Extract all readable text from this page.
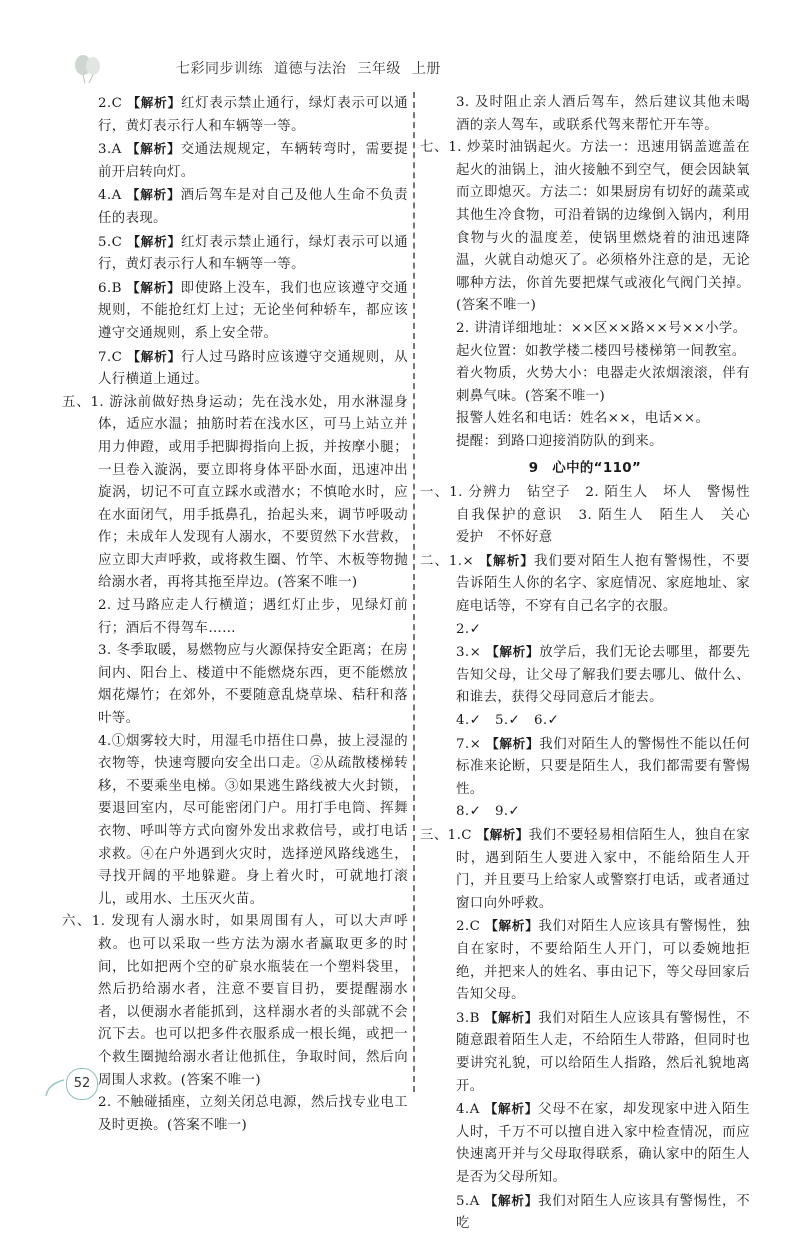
七彩同步训练 道德与法治 三年级 上册

2.C 【解析】红灯表示禁止通行，绿灯表示可以通行，黄灯表示行人和车辆等一等。

3.A 【解析】交通法规规定，车辆转弯时，需要提前开启转向灯。

4.A 【解析】酒后驾车是对自己及他人生命不负责任的表现。

5.C 【解析】红灯表示禁止通行，绿灯表示可以通行，黄灯表示行人和车辆等一等。

6.B 【解析】即使路上没车，我们也应该遵守交通规则，不能抢红灯上过；无论坐何种轿车，都应该遵守交通规则，系上安全带。

7.C 【解析】行人过马路时应该遵守交通规则，从人行横道上通过。

五、1. 游泳前做好热身运动；先在浅水处，用水淋湿身体，适应水温；抽筋时若在浅水区，可马上站立并用力伸蹬，或用手把脚拇指向上扳，并按摩小腿；一旦卷入漩涡，要立即将身体平卧水面，迅速冲出旋涡，切记不可直立踩水或潜水；不慎呛水时，应在水面闭气，用手抵鼻孔，抬起头来，调节呼吸动作；未成年人发现有人溺水，不要贸然下水营救，应立即大声呼救，或将救生圈、竹竿、木板等物抛给溺水者，再将其拖至岸边。(答案不唯一)

2. 过马路应走人行横道；遇红灯止步，见绿灯前行；酒后不得驾车……

3. 冬季取暖，易燃物应与火源保持安全距离；在房间内、阳台上、楼道中不能燃烧东西，更不能燃放烟花爆竹；在郊外，不要随意乱烧草垛、秸秆和落叶等。

4.①烟雾较大时，用湿毛巾捂住口鼻，披上浸湿的衣物等，快速弯腰向安全出口走。②从疏散楼梯转移，不要乘坐电梯。③如果逃生路线被大火封锁，要退回室内，尽可能密闭门户。用打手电筒、挥舞衣物、呼叫等方式向窗外发出求救信号，或打电话求救。④在户外遇到火灾时，选择逆风路线逃生，寻找开阔的平地躲避。身上着火时，可就地打滚儿，或用水、土压灭火苗。

六、1. 发现有人溺水时，如果周围有人，可以大声呼救。也可以采取一些方法为溺水者赢取更多的时间，比如把两个空的矿泉水瓶装在一个塑料袋里，然后扔给溺水者，注意不要盲目扔，要提醒溺水者，以便溺水者能抓到，这样溺水者的头部就不会沉下去。也可以把多件衣服系成一根长绳，或把一个救生圈抛给溺水者让他抓住，争取时间，然后向周围人求救。(答案不唯一)

2. 不触碰插座，立刻关闭总电源，然后找专业电工及时更换。(答案不唯一)

3. 及时阻止亲人酒后驾车，然后建议其他未喝酒的亲人驾车，或联系代驾来帮忙开车等。

七、1. 炒菜时油锅起火。方法一：迅速用锅盖遮盖在起火的油锅上，油火接触不到空气，便会因缺氧而立即熄灭。方法二：如果厨房有切好的蔬菜或其他生冷食物，可沿着锅的边缘倒入锅内，利用食物与火的温度差，使锅里燃烧着的油迅速降温，火就自动熄灭了。必须格外注意的是，无论哪种方法，你首先要把煤气或液化气阀门关掉。(答案不唯一)

2. 讲清详细地址：××区××路××号××小学。

起火位置：如教学楼二楼四号楼梯第一间教室。

着火物质，火势大小：电器走火浓烟滚滚，伴有刺鼻气味。(答案不唯一)

报警人姓名和电话：姓名××，电话××。

提醒：到路口迎接消防队的到来。

9　心中的“110”

一、1. 分辨力　钻空子　2. 陌生人　坏人　警惕性　自我保护的意识　3. 陌生人　陌生人　关心　爱护　不怀好意

二、1.× 【解析】我们要对陌生人抱有警惕性，不要告诉陌生人你的名字、家庭情况、家庭地址、家庭电话等，不穿有自己名字的衣服。

2.✓

3.× 【解析】放学后，我们无论去哪里，都要先告知父母，让父母了解我们要去哪儿、做什么、和谁去，获得父母同意后才能去。

4.✓　5.✓　6.✓

7.× 【解析】我们对陌生人的警惕性不能以任何标准来论断，只要是陌生人，我们都需要有警惕性。

8.✓　9.✓

三、1.C 【解析】我们不要轻易相信陌生人，独自在家时，遇到陌生人要进入家中，不能给陌生人开门，并且要马上给家人或警察打电话，或者通过窗口向外呼救。

2.C 【解析】我们对陌生人应该具有警惕性，独自在家时，不要给陌生人开门，可以委婉地拒绝，并把来人的姓名、事由记下，等父母回家后告知父母。

3.B 【解析】我们对陌生人应该具有警惕性，不随意跟着陌生人走，不给陌生人带路，但同时也要讲究礼貌，可以给陌生人指路，然后礼貌地离开。

4.A 【解析】父母不在家，却发现家中进入陌生人时，千万不可以擅自进入家中检查情况，而应快速离开并与父母取得联系，确认家中的陌生人是否为父母所知。

5.A 【解析】我们对陌生人应该具有警惕性，不吃

52
